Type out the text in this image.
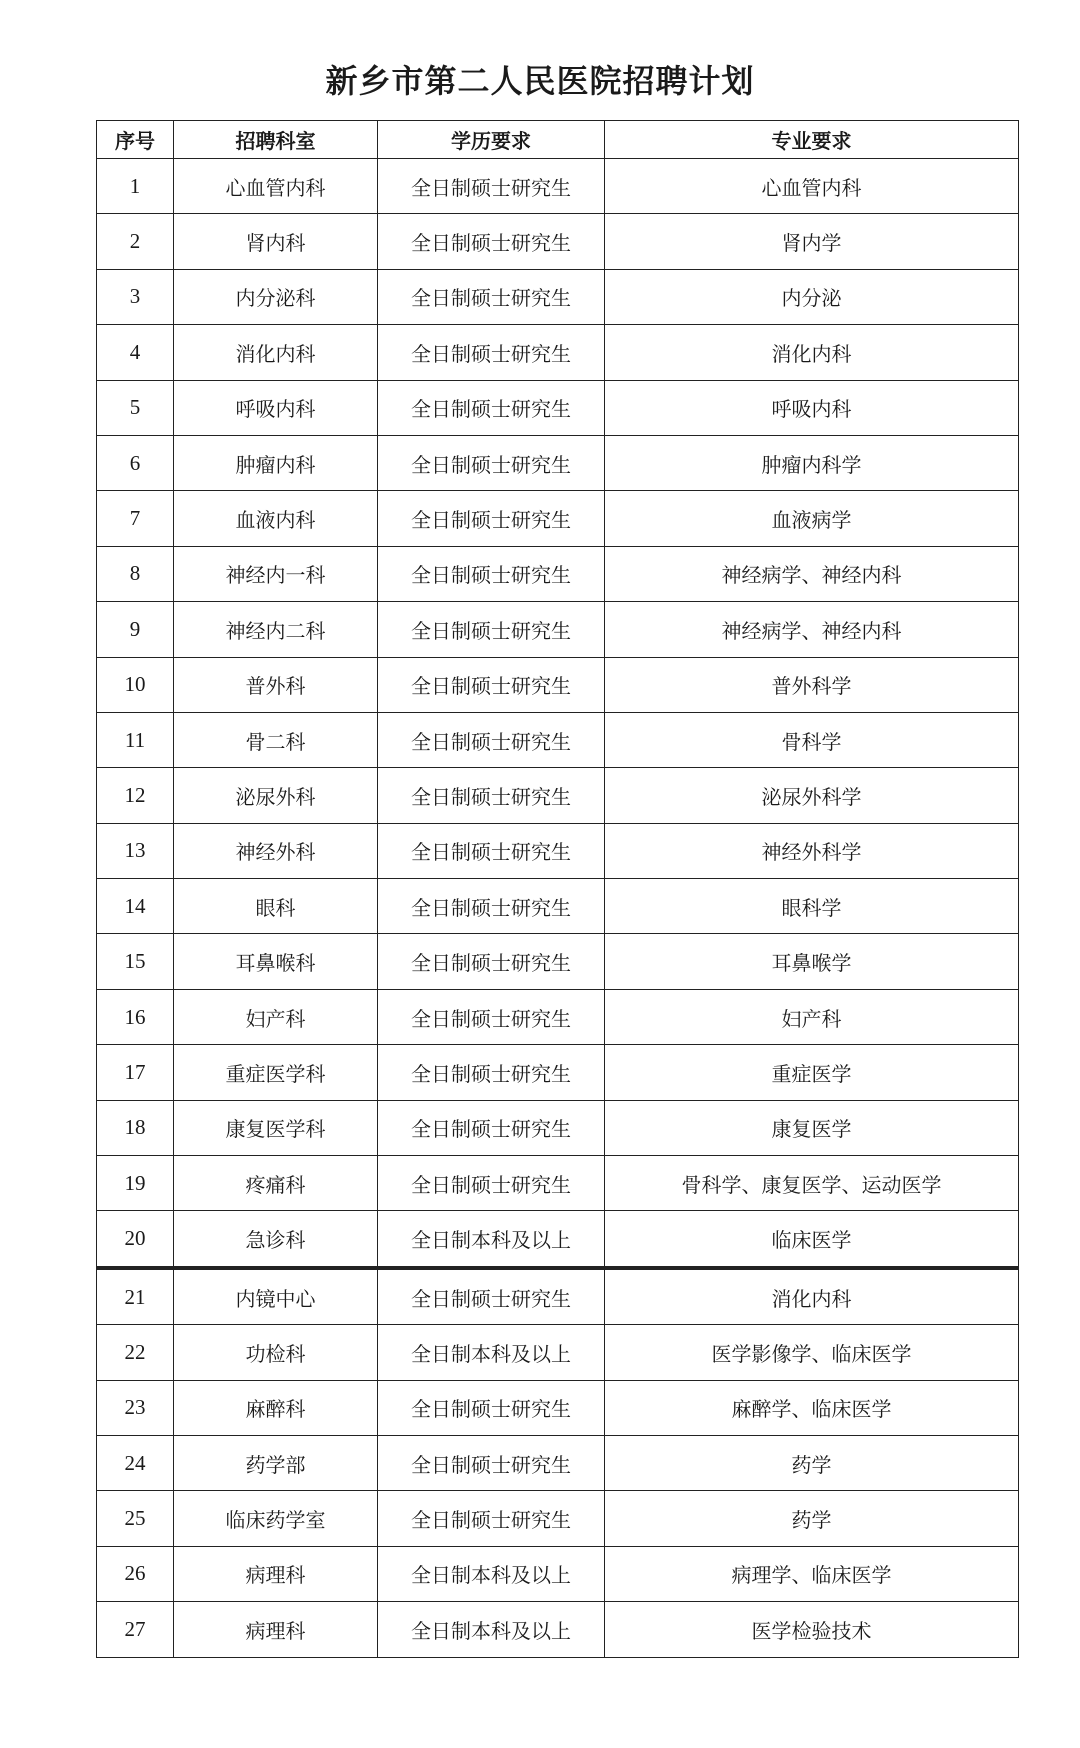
新乡市第二人民医院招聘计划
序号	招聘科室	学历要求	专业要求
1	心血管内科	全日制硕士研究生	心血管内科
2	肾内科	全日制硕士研究生	肾内学
3	内分泌科	全日制硕士研究生	内分泌
4	消化内科	全日制硕士研究生	消化内科
5	呼吸内科	全日制硕士研究生	呼吸内科
6	肿瘤内科	全日制硕士研究生	肿瘤内科学
7	血液内科	全日制硕士研究生	血液病学
8	神经内一科	全日制硕士研究生	神经病学、神经内科
9	神经内二科	全日制硕士研究生	神经病学、神经内科
10	普外科	全日制硕士研究生	普外科学
11	骨二科	全日制硕士研究生	骨科学
12	泌尿外科	全日制硕士研究生	泌尿外科学
13	神经外科	全日制硕士研究生	神经外科学
14	眼科	全日制硕士研究生	眼科学
15	耳鼻喉科	全日制硕士研究生	耳鼻喉学
16	妇产科	全日制硕士研究生	妇产科
17	重症医学科	全日制硕士研究生	重症医学
18	康复医学科	全日制硕士研究生	康复医学
19	疼痛科	全日制硕士研究生	骨科学、康复医学、运动医学
20	急诊科	全日制本科及以上	临床医学
21	内镜中心	全日制硕士研究生	消化内科
22	功检科	全日制本科及以上	医学影像学、临床医学
23	麻醉科	全日制硕士研究生	麻醉学、临床医学
24	药学部	全日制硕士研究生	药学
25	临床药学室	全日制硕士研究生	药学
26	病理科	全日制本科及以上	病理学、临床医学
27	病理科	全日制本科及以上	医学检验技术
